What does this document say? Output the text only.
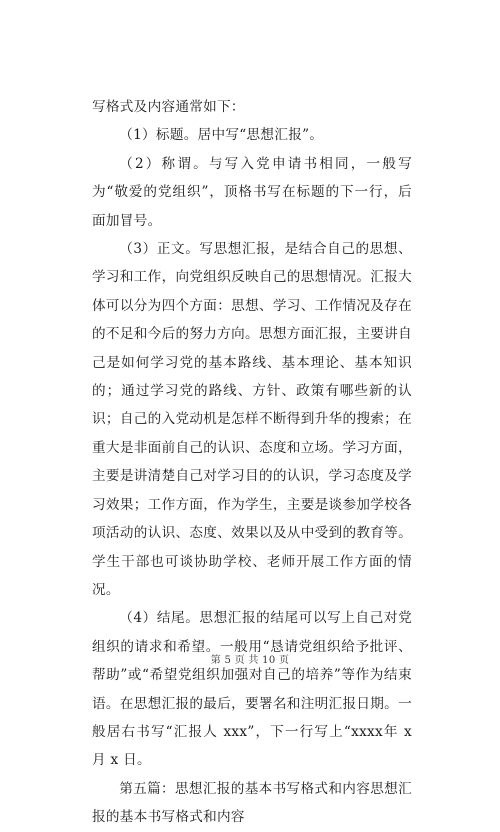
写格式及内容通常如下：

（1）标题。居中写“思想汇报”。

（2）称谓。与写入党申请书相同，一般写为“敬爱的党组织”，顶格书写在标题的下一行，后面加冒号。

（3）正文。写思想汇报，是结合自己的思想、学习和工作，向党组织反映自己的思想情况。汇报大体可以分为四个方面：思想、学习、工作情况及存在的不足和今后的努力方向。思想方面汇报，主要讲自己是如何学习党的基本路线、基本理论、基本知识的；通过学习党的路线、方针、政策有哪些新的认识；自己的入党动机是怎样不断得到升华的搜索；在重大是非面前自己的认识、态度和立场。学习方面，主要是讲清楚自己对学习目的的认识，学习态度及学习效果；工作方面，作为学生，主要是谈参加学校各项活动的认识、态度、效果以及从中受到的教育等。学生干部也可谈协助学校、老师开展工作方面的情况。

（4）结尾。思想汇报的结尾可以写上自己对党组织的请求和希望。一般用“恳请党组织给予批评、帮助”或“希望党组织加强对自己的培养”等作为结束语。在思想汇报的最后，要署名和注明汇报日期。一般居右书写“汇报人 xxx”，下一行写上“xxxx年 x 月 x 日。

第五篇：思想汇报的基本书写格式和内容思想汇报的基本书写格式和内容

第 5 页 共 10 页
